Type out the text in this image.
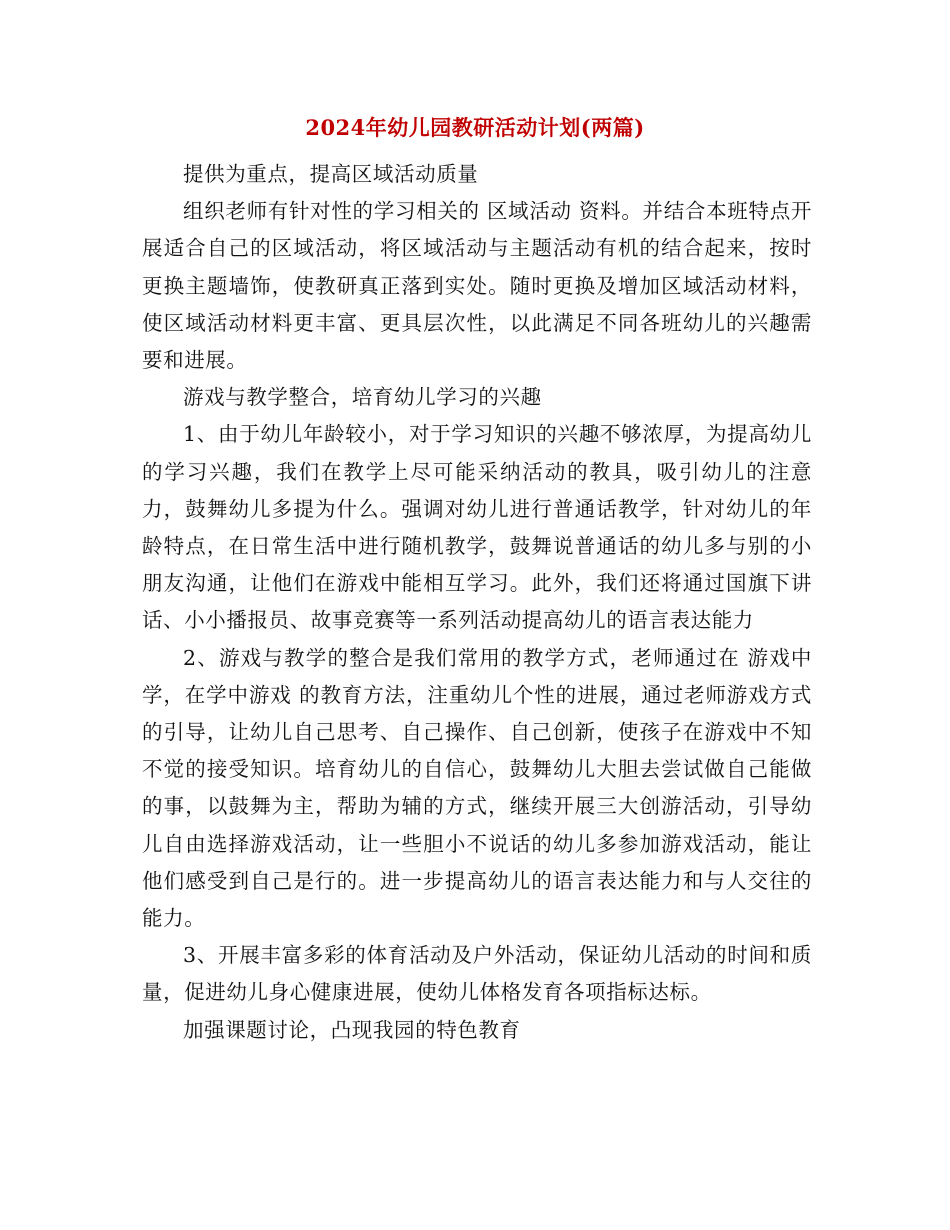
2024年幼儿园教研活动计划(两篇)

提供为重点，提高区域活动质量

组织老师有针对性的学习相关的 区域活动 资料。并结合本班特点开展适合自己的区域活动，将区域活动与主题活动有机的结合起来，按时更换主题墙饰，使教研真正落到实处。随时更换及增加区域活动材料，使区域活动材料更丰富、更具层次性，以此满足不同各班幼儿的兴趣需要和进展。

游戏与教学整合，培育幼儿学习的兴趣

1、由于幼儿年龄较小，对于学习知识的兴趣不够浓厚，为提高幼儿的学习兴趣，我们在教学上尽可能采纳活动的教具，吸引幼儿的注意力，鼓舞幼儿多提为什么。强调对幼儿进行普通话教学，针对幼儿的年龄特点，在日常生活中进行随机教学，鼓舞说普通话的幼儿多与别的小朋友沟通，让他们在游戏中能相互学习。此外，我们还将通过国旗下讲话、小小播报员、故事竞赛等一系列活动提高幼儿的语言表达能力

2、游戏与教学的整合是我们常用的教学方式，老师通过在 游戏中学，在学中游戏 的教育方法，注重幼儿个性的进展，通过老师游戏方式的引导，让幼儿自己思考、自己操作、自己创新，使孩子在游戏中不知不觉的接受知识。培育幼儿的自信心，鼓舞幼儿大胆去尝试做自己能做的事，以鼓舞为主，帮助为辅的方式，继续开展三大创游活动，引导幼儿自由选择游戏活动，让一些胆小不说话的幼儿多参加游戏活动，能让他们感受到自己是行的。进一步提高幼儿的语言表达能力和与人交往的能力。

3、开展丰富多彩的体育活动及户外活动，保证幼儿活动的时间和质量，促进幼儿身心健康进展，使幼儿体格发育各项指标达标。

加强课题讨论，凸现我园的特色教育
